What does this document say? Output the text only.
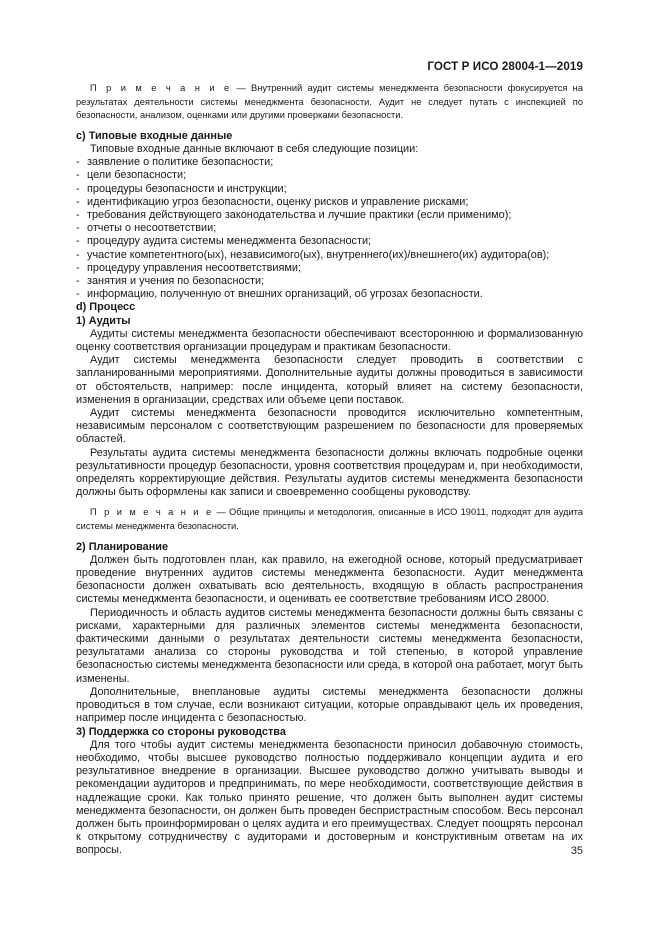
ГОСТ Р ИСО 28004-1—2019

П р и м е ч а н и е — Внутренний аудит системы менеджмента безопасности фокусируется на результатах деятельности системы менеджмента безопасности. Аудит не следует путать с инспекцией по безопасности, анализом, оценками или другими проверками безопасности.

с) Типовые входные данные

Типовые входные данные включают в себя следующие позиции:

- заявление о политике безопасности;
- цели безопасности;
- процедуры безопасности и инструкции;
- идентификацию угроз безопасности, оценку рисков и управление рисками;
- требования действующего законодательства и лучшие практики (если применимо);
- отчеты о несоответствии;
- процедуру аудита системы менеджмента безопасности;
- участие компетентного(ых), независимого(ых), внутреннего(их)/внешнего(их) аудитора(ов);
- процедуру управления несоответствиями;
- занятия и учения по безопасности;
- информацию, полученную от внешних организаций, об угрозах безопасности.

d) Процесс

1) Аудиты

Аудиты системы менеджмента безопасности обеспечивают всестороннюю и формализованную оценку соответствия организации процедурам и практикам безопасности.

Аудит системы менеджмента безопасности следует проводить в соответствии с запланированными мероприятиями. Дополнительные аудиты должны проводиться в зависимости от обстоятельств, например: после инцидента, который влияет на систему безопасности, изменения в организации, средствах или объеме цепи поставок.

Аудит системы менеджмента безопасности проводится исключительно компетентным, независимым персоналом с соответствующим разрешением по безопасности для проверяемых областей.

Результаты аудита системы менеджмента безопасности должны включать подробные оценки результативности процедур безопасности, уровня соответствия процедурам и, при необходимости, определять корректирующие действия. Результаты аудитов системы менеджмента безопасности должны быть оформлены как записи и своевременно сообщены руководству.

П р и м е ч а н и е — Общие принципы и методология, описанные в ИСО 19011, подходят для аудита системы менеджмента безопасности.

2) Планирование

Должен быть подготовлен план, как правило, на ежегодной основе, который предусматривает проведение внутренних аудитов системы менеджмента безопасности. Аудит менеджмента безопасности должен охватывать всю деятельность, входящую в область распространения системы менеджмента безопасности, и оценивать ее соответствие требованиям ИСО 28000.

Периодичность и область аудитов системы менеджмента безопасности должны быть связаны с рисками, характерными для различных элементов системы менеджмента безопасности, фактическими данными о результатах деятельности системы менеджмента безопасности, результатами анализа со стороны руководства и той степенью, в которой управление безопасностью системы менеджмента безопасности или среда, в которой она работает, могут быть изменены.

Дополнительные, внеплановые аудиты системы менеджмента безопасности должны проводиться в том случае, если возникают ситуации, которые оправдывают цель их проведения, например после инцидента с безопасностью.

3) Поддержка со стороны руководства

Для того чтобы аудит системы менеджмента безопасности приносил добавочную стоимость, необходимо, чтобы высшее руководство полностью поддерживало концепции аудита и его результативное внедрение в организации. Высшее руководство должно учитывать выводы и рекомендации аудиторов и предпринимать, по мере необходимости, соответствующие действия в надлежащие сроки. Как только принято решение, что должен быть выполнен аудит системы менеджмента безопасности, он должен быть проведен беспристрастным способом. Весь персонал должен быть проинформирован о целях аудита и его преимуществах. Следует поощрять персонал к открытому сотрудничеству с аудиторами и достоверным и конструктивным ответам на их вопросы.	35
